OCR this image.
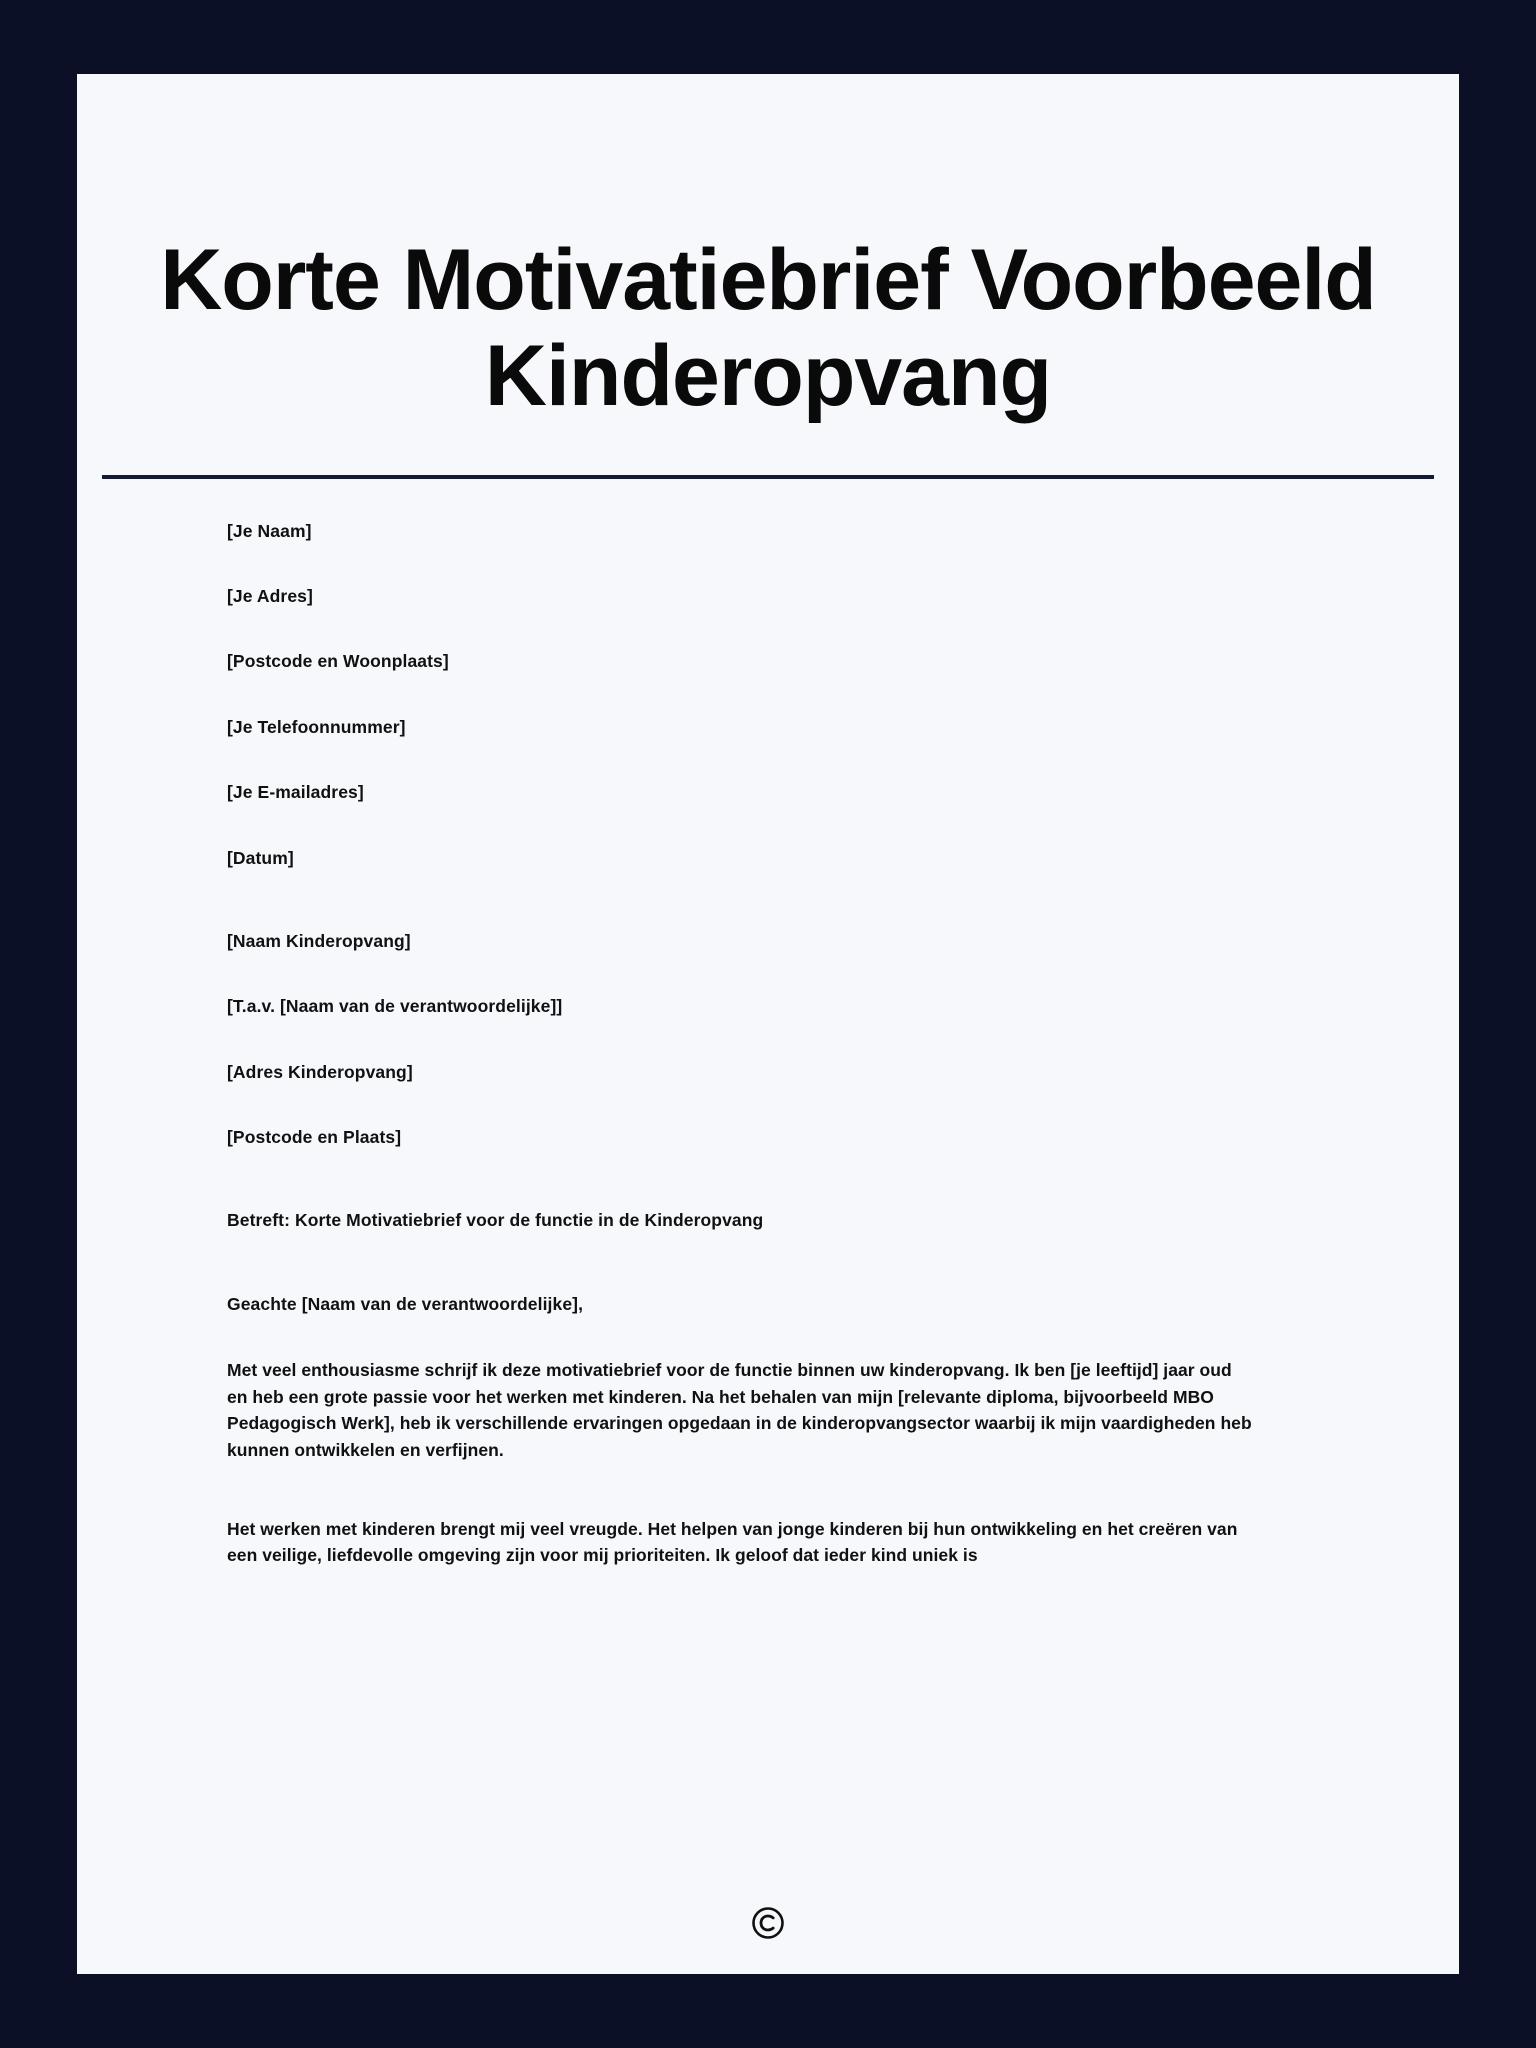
Korte Motivatiebrief Voorbeeld Kinderopvang

[Je Naam]

[Je Adres]

[Postcode en Woonplaats]

[Je Telefoonnummer]

[Je E-mailadres]

[Datum]

[Naam Kinderopvang]

[T.a.v. [Naam van de verantwoordelijke]]

[Adres Kinderopvang]

[Postcode en Plaats]

Betreft: Korte Motivatiebrief voor de functie in de Kinderopvang

Geachte [Naam van de verantwoordelijke],

Met veel enthousiasme schrijf ik deze motivatiebrief voor de functie binnen uw kinderopvang. Ik ben [je leeftijd] jaar oud en heb een grote passie voor het werken met kinderen. Na het behalen van mijn [relevante diploma, bijvoorbeeld MBO Pedagogisch Werk], heb ik verschillende ervaringen opgedaan in de kinderopvangsector waarbij ik mijn vaardigheden heb kunnen ontwikkelen en verfijnen.

Het werken met kinderen brengt mij veel vreugde. Het helpen van jonge kinderen bij hun ontwikkeling en het creëren van een veilige, liefdevolle omgeving zijn voor mij prioriteiten. Ik geloof dat ieder kind uniek is
